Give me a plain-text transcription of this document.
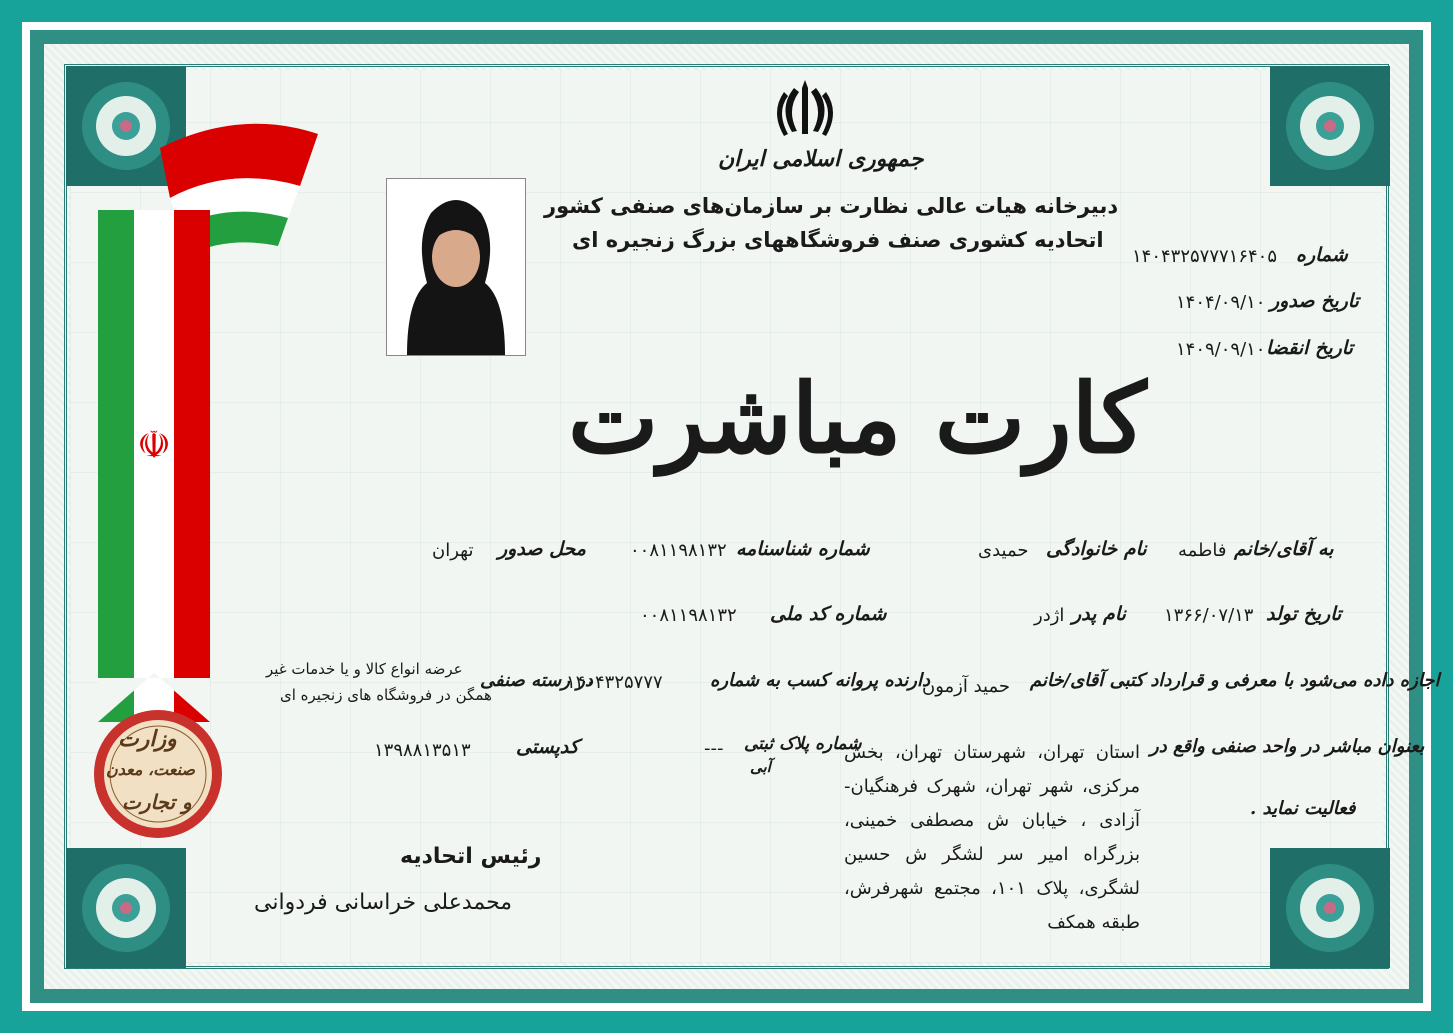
☫
وزارت
صنعت، معدن
و تجارت
جمهوری اسلامی ایران
دبیرخانه هیات عالی نظارت بر سازمان‌های صنفی کشور
اتحادیه کشوری صنف فروشگاههای بزرگ زنجیره ای
شماره
۱۴۰۴۳۲۵۷۷۷۱۶۴۰۵
تاریخ صدور
۱۴۰۴/۰۹/۱۰
تاریخ انقضا
۱۴۰۹/۰۹/۱۰
کارت مباشرت
به آقای/خانم
فاطمه
نام خانوادگی
حمیدی
شماره شناسنامه
۰۰۸۱۱۹۸۱۳۲
محل صدور
تهران
تاریخ تولد
۱۳۶۶/۰۷/۱۳
نام پدر
اژدر
شماره کد ملی
۰۰۸۱۱۹۸۱۳۲
اجازه داده می‌شود با معرفی و قرارداد کتبی آقای/خانم
حمید آزمون
دارنده پروانه کسب به شماره
۱۴۰۴۳۲۵۷۷۷
در رسته صنفی
عرضه انواع کالا و یا خدمات غیر
همگن در فروشگاه های زنجیره ای
بعنوان مباشر در واحد صنفی واقع در
استان تهران، شهرستان تهران، بخش مرکزی، شهر تهران، شهرک فرهنگیان-آزادی ، خیابان ش مصطفی خمینی، بزرگراه امیر سر لشگر ش حسین لشگری، پلاک ۱۰۱، مجتمع شهرفرش، طبقه همکف
فعالیت نماید .
شماره پلاک ثبتی
آبی
---
کدپستی
۱۳۹۸۸۱۳۵۱۳
رئیس اتحادیه
محمدعلی خراسانی فردوانی
